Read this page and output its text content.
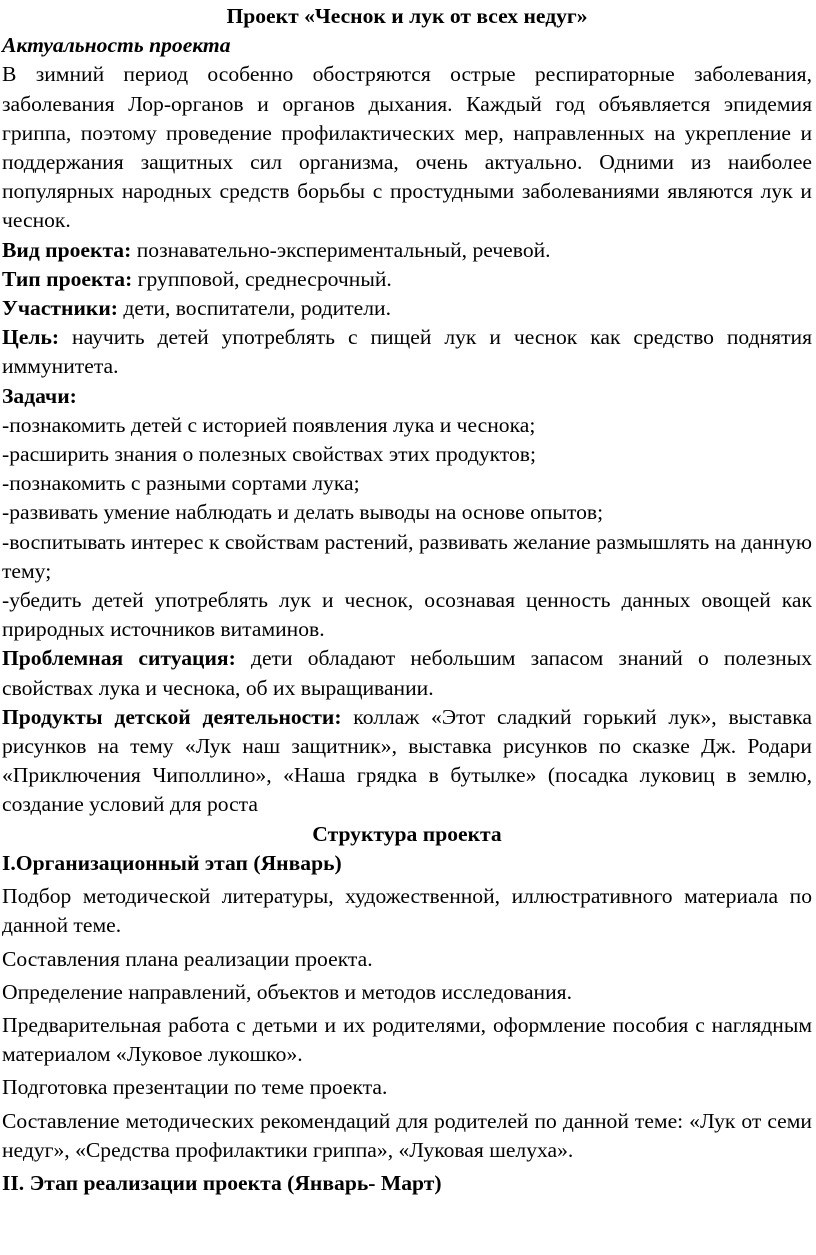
Проект «Чеснок и лук от всех недуг»

Актуальность проекта

В зимний период особенно обостряются острые респираторные заболевания, заболевания Лор-органов и органов дыхания. Каждый год объявляется эпидемия гриппа, поэтому проведение профилактических мер, направленных на укрепление и поддержания защитных сил организма, очень актуально. Одними из наиболее популярных народных средств борьбы с простудными заболеваниями являются лук и чеснок.

Вид проекта: познавательно-экспериментальный, речевой.

Тип проекта: групповой, среднесрочный.

Участники: дети, воспитатели, родители.

Цель: научить детей употреблять с пищей лук и чеснок как средство поднятия иммунитета.

Задачи:

-познакомить детей с историей появления лука и чеснока;

-расширить знания о полезных свойствах этих продуктов;

-познакомить с разными сортами лука;

-развивать умение наблюдать и делать выводы на основе опытов;

-воспитывать интерес к свойствам растений, развивать желание размышлять на данную тему;

-убедить детей употреблять лук и чеснок, осознавая ценность данных овощей как природных источников витаминов.

Проблемная ситуация: дети обладают небольшим запасом знаний о полезных свойствах лука и чеснока, об их выращивании.

Продукты детской деятельности: коллаж «Этот сладкий горький лук», выставка рисунков на тему «Лук наш защитник», выставка рисунков по сказке Дж. Родари «Приключения Чиполлино», «Наша грядка в бутылке» (посадка луковиц в землю, создание условий для роста

Структура проекта

I.Организационный этап (Январь)

Подбор методической литературы, художественной, иллюстративного материала по данной теме.

Составления плана реализации проекта.

Определение направлений, объектов и методов исследования.

Предварительная работа с детьми и их родителями, оформление пособия с наглядным материалом «Луковое лукошко».

Подготовка презентации по теме проекта.

Составление методических рекомендаций для родителей по данной теме: «Лук от семи недуг», «Средства профилактики гриппа», «Луковая шелуха».

II. Этап реализации проекта (Январь- Март)
